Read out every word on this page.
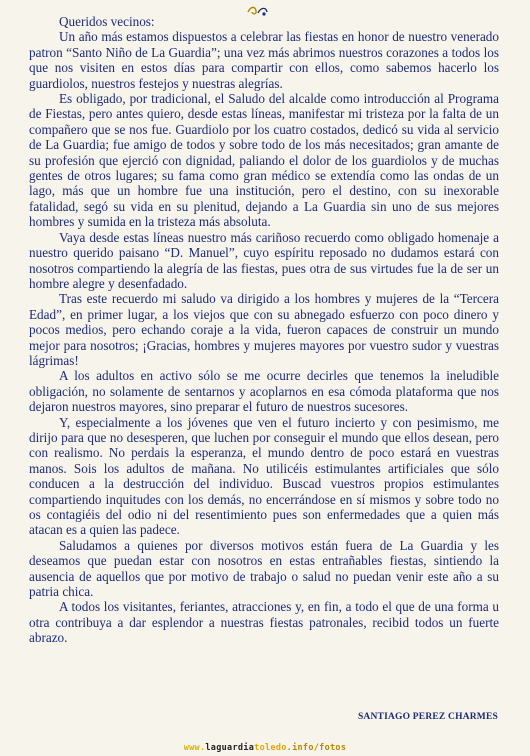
Queridos vecinos:

Un año más estamos dispuestos a celebrar las fiestas en honor de nuestro venerado patron “Santo Niño de La Guardia”; una vez más abrimos nuestros corazones a todos los que nos visiten en estos días para compartir con ellos, como sabemos hacerlo los guardiolos, nuestros festejos y nuestras alegrías.

Es obligado, por tradicional, el Saludo del alcalde como introducción al Programa de Fiestas, pero antes quiero, desde estas líneas, manifestar mi tristeza por la falta de un compañero que se nos fue. Guardiolo por los cuatro costados, dedicó su vida al servicio de La Guardia; fue amigo de todos y sobre todo de los más necesitados; gran amante de su profesión que ejerció con dignidad, paliando el dolor de los guardiolos y de muchas gentes de otros lugares; su fama como gran médico se extendía como las ondas de un lago, más que un hombre fue una institución, pero el destino, con su inexorable fatalidad, segó su vida en su plenitud, dejando a La Guardia sin uno de sus mejores hombres y sumida en la tristeza más absoluta.

Vaya desde estas líneas nuestro más cariñoso recuerdo como obligado homenaje a nuestro querido paisano “D. Manuel”, cuyo espíritu reposado no dudamos estará con nosotros compartiendo la alegría de las fiestas, pues otra de sus virtudes fue la de ser un hombre alegre y desenfadado.

Tras este recuerdo mi saludo va dirigido a los hombres y mujeres de la “Tercera Edad”, en primer lugar, a los viejos que con su abnegado esfuerzo con poco dinero y pocos medios, pero echando coraje a la vida, fueron capaces de construir un mundo mejor para nosotros; ¡Gracias, hombres y mujeres mayores por vuestro sudor y vuestras lágrimas!

A los adultos en activo sólo se me ocurre decirles que tenemos la ineludible obligación, no solamente de sentarnos y acoplarnos en esa cómoda plataforma que nos dejaron nuestros mayores, sino preparar el futuro de nuestros sucesores.

Y, especialmente a los jóvenes que ven el futuro incierto y con pesimismo, me dirijo para que no desesperen, que luchen por conseguir el mundo que ellos desean, pero con realismo. No perdais la esperanza, el mundo dentro de poco estará en vuestras manos. Sois los adultos de mañana. No utilicéis estimulantes artificiales que sólo conducen a la destrucción del individuo. Buscad vuestros propios estimulantes compartiendo inquitudes con los demás, no encerrándose en sí mismos y sobre todo no os contagiéis del odio ni del resentimiento pues son enfermedades que a quien más atacan es a quien las padece.

Saludamos a quienes por diversos motivos están fuera de La Guardia y les deseamos que puedan estar con nosotros en estas entrañables fiestas, sintiendo la ausencia de aquellos que por motivo de trabajo o salud no puedan venir este año a su patria chica.

A todos los visitantes, feriantes, atracciones y, en fin, a todo el que de una forma u otra contribuya a dar esplendor a nuestras fiestas patronales, recibid todos un fuerte abrazo.

SANTIAGO PEREZ CHARMES
www.laguardiatoledo.info/fotos
